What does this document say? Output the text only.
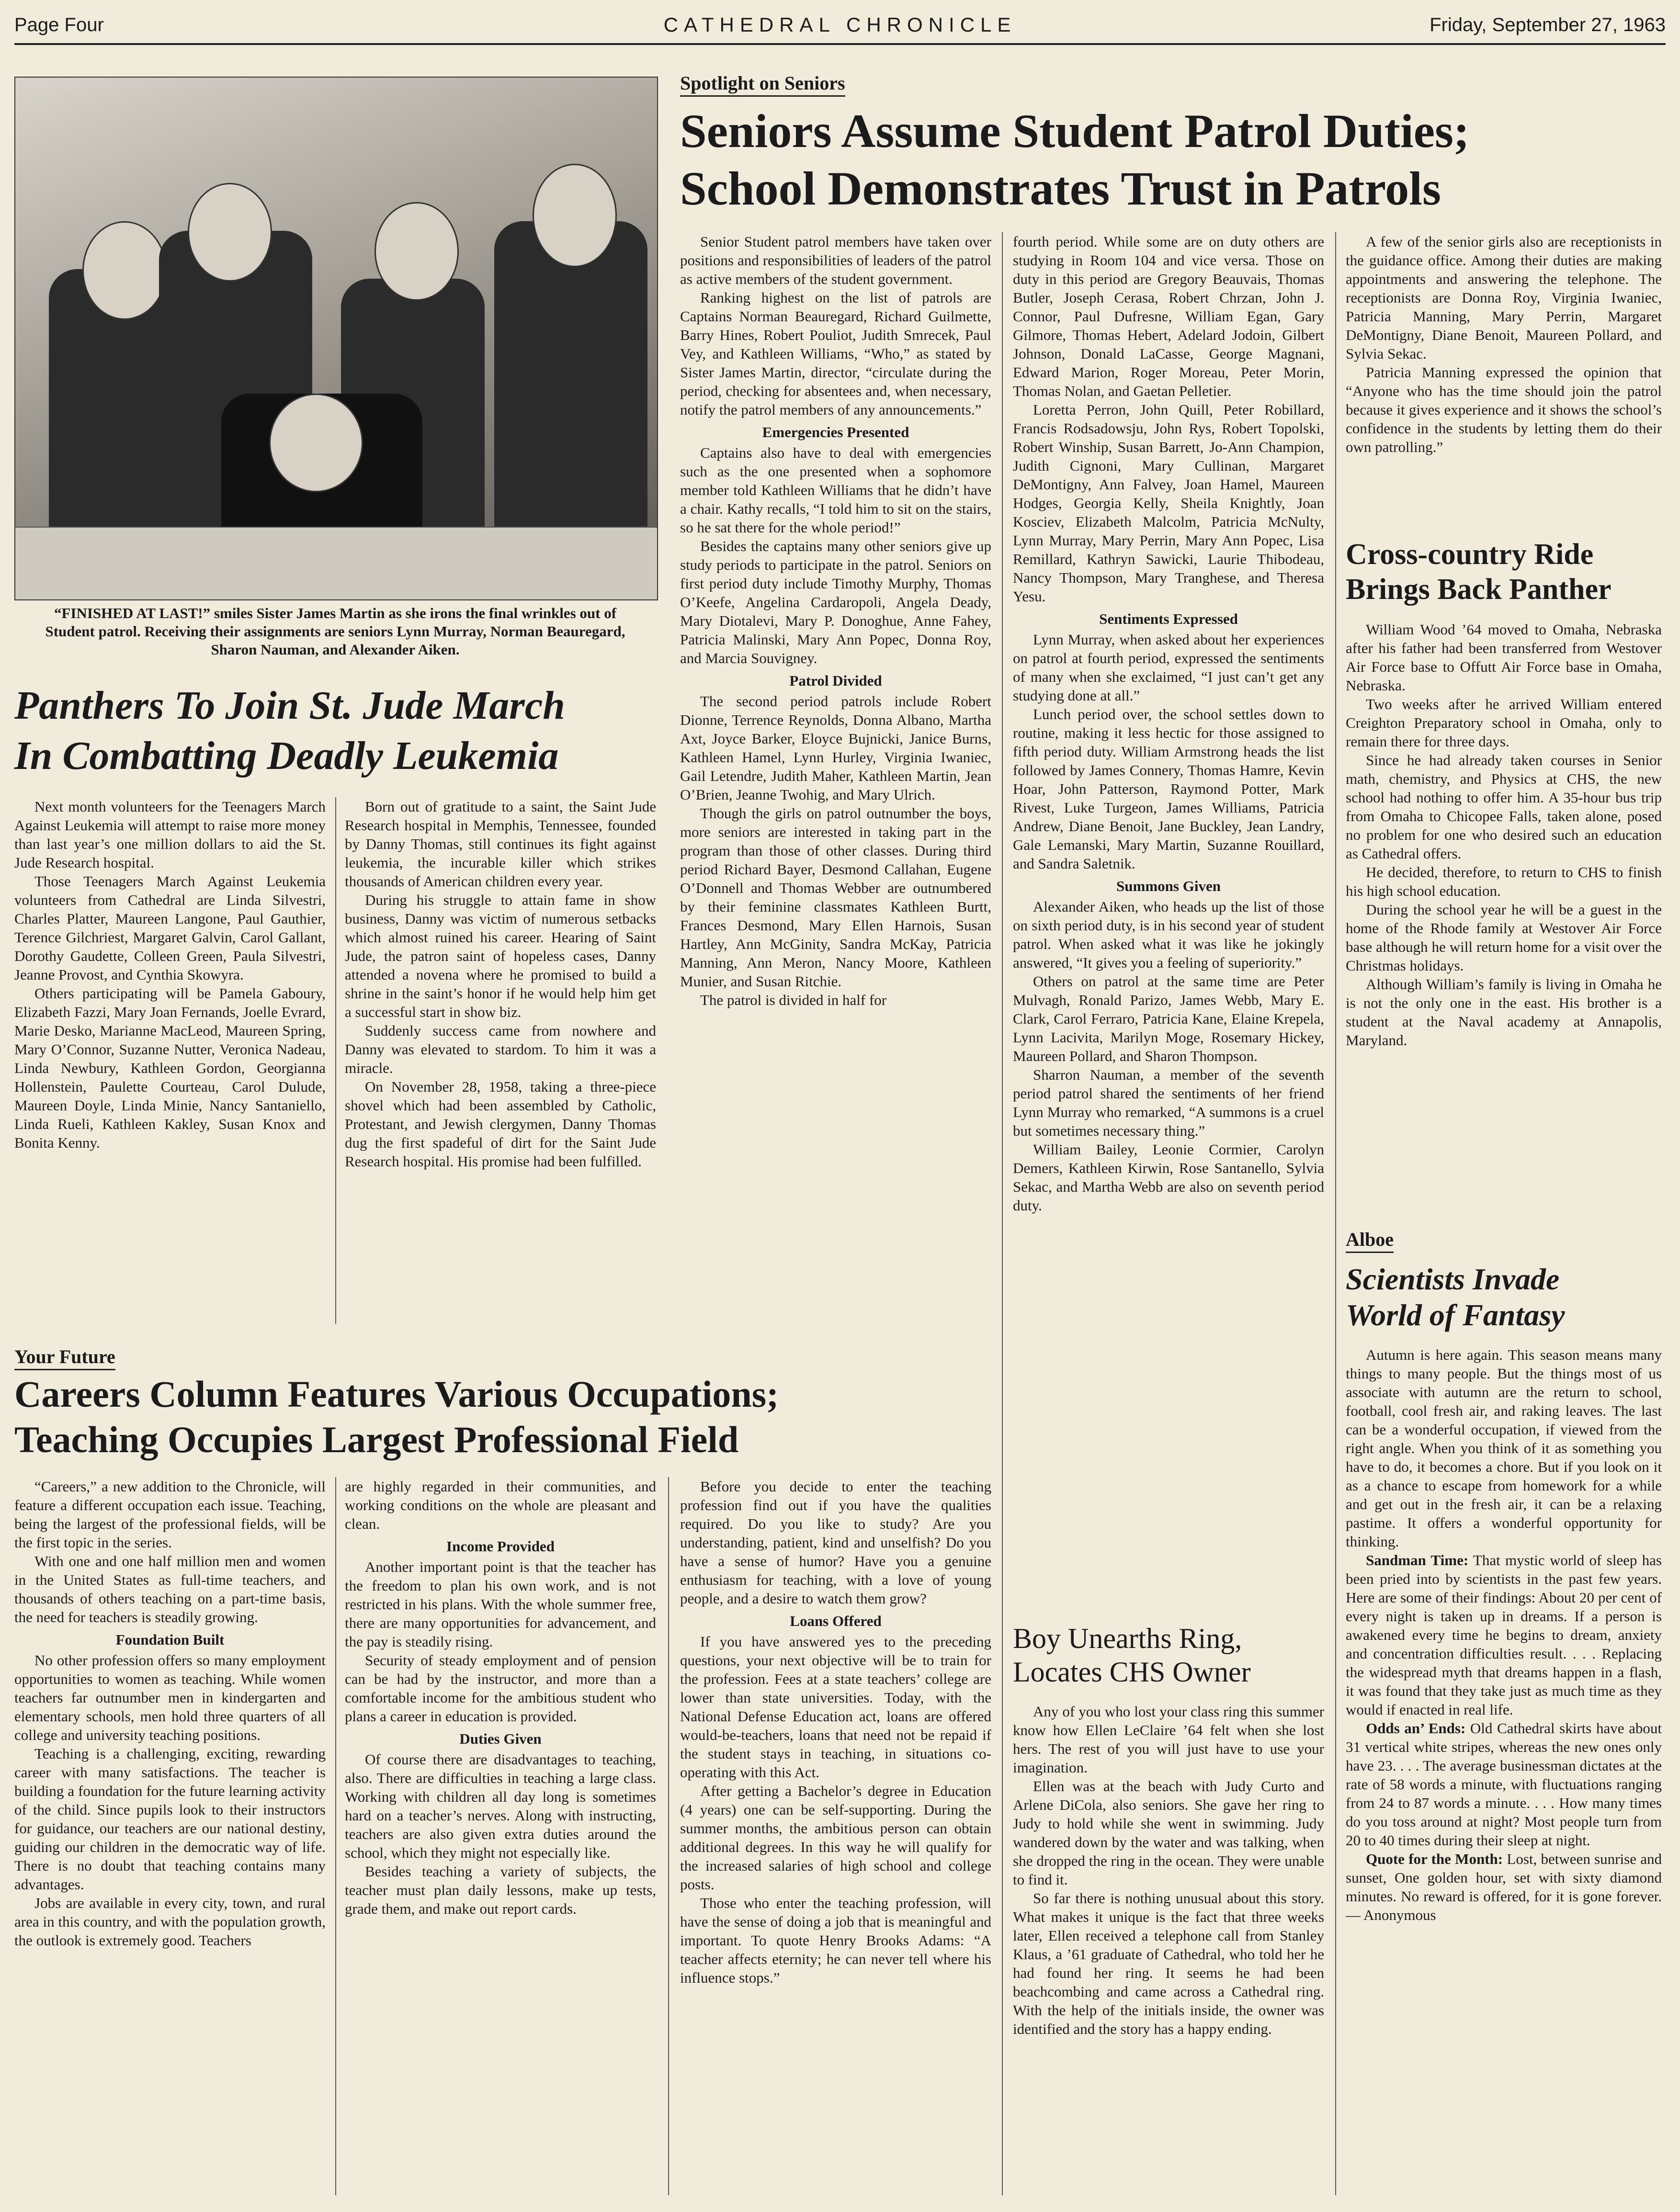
Page Four	CATHEDRAL CHRONICLE	Friday, September 27, 1963
“FINISHED AT LAST!” smiles Sister James Martin as she irons the final wrinkles out of Student patrol. Receiving their assignments are seniors Lynn Murray, Norman Beauregard, Sharon Nauman, and Alexander Aiken.
Panthers To Join St. Jude March
In Combatting Deadly Leukemia

Next month volunteers for the Teenagers March Against Leukemia will attempt to raise more money than last year’s one million dollars to aid the St. Jude Research hospital.

Those Teenagers March Against Leukemia volunteers from Cathedral are Linda Silvestri, Charles Platter, Maureen Langone, Paul Gauthier, Terence Gilchriest, Margaret Galvin, Carol Gallant, Dorothy Gaudette, Colleen Green, Paula Silvestri, Jeanne Provost, and Cynthia Skowyra.

Others participating will be Pamela Gaboury, Elizabeth Fazzi, Mary Joan Fernands, Joelle Evrard, Marie Desko, Marianne MacLeod, Maureen Spring, Mary O’Connor, Suzanne Nutter, Veronica Nadeau, Linda Newbury, Kathleen Gordon, Georgianna Hollenstein, Paulette Courteau, Carol Dulude, Maureen Doyle, Linda Minie, Nancy Santaniello, Linda Rueli, Kathleen Kakley, Susan Knox and Bonita Kenny.

Born out of gratitude to a saint, the Saint Jude Research hospital in Memphis, Tennessee, founded by Danny Thomas, still continues its fight against leukemia, the incurable killer which strikes thousands of American children every year.

During his struggle to attain fame in show business, Danny was victim of numerous setbacks which almost ruined his career. Hearing of Saint Jude, the patron saint of hopeless cases, Danny attended a novena where he promised to build a shrine in the saint’s honor if he would help him get a successful start in show biz.

Suddenly success came from nowhere and Danny was elevated to stardom. To him it was a miracle.

On November 28, 1958, taking a three-piece shovel which had been assembled by Catholic, Protestant, and Jewish clergymen, Danny Thomas dug the first spadeful of dirt for the Saint Jude Research hospital. His promise had been fulfilled.

Your Future
Careers Column Features Various Occupations;
Teaching Occupies Largest Professional Field

“Careers,” a new addition to the Chronicle, will feature a different occupation each issue. Teaching, being the largest of the professional fields, will be the first topic in the series.

With one and one half million men and women in the United States as full-time teachers, and thousands of others teaching on a part-time basis, the need for teachers is steadily growing.

Foundation Built

No other profession offers so many employment opportunities to women as teaching. While women teachers far outnumber men in kindergarten and elementary schools, men hold three quarters of all college and university teaching positions.

Teaching is a challenging, exciting, rewarding career with many satisfactions. The teacher is building a foundation for the future learning activity of the child. Since pupils look to their instructors for guidance, our teachers are our national destiny, guiding our children in the democratic way of life. There is no doubt that teaching contains many advantages.

Jobs are available in every city, town, and rural area in this country, and with the population growth, the outlook is extremely good. Teachers

are highly regarded in their communities, and working conditions on the whole are pleasant and clean.

Income Provided

Another important point is that the teacher has the freedom to plan his own work, and is not restricted in his plans. With the whole summer free, there are many opportunities for advancement, and the pay is steadily rising.

Security of steady employment and of pension can be had by the instructor, and more than a comfortable income for the ambitious student who plans a career in education is provided.

Duties Given

Of course there are disadvantages to teaching, also. There are difficulties in teaching a large class. Working with children all day long is sometimes hard on a teacher’s nerves. Along with instructing, teachers are also given extra duties around the school, which they might not especially like.

Besides teaching a variety of subjects, the teacher must plan daily lessons, make up tests, grade them, and make out report cards.

Before you decide to enter the teaching profession find out if you have the qualities required. Do you like to study? Are you understanding, patient, kind and unselfish? Do you have a sense of humor? Have you a genuine enthusiasm for teaching, with a love of young people, and a desire to watch them grow?

Loans Offered

If you have answered yes to the preceding questions, your next objective will be to train for the profession. Fees at a state teachers’ college are lower than state universities. Today, with the National Defense Education act, loans are offered would-be-teachers, loans that need not be repaid if the student stays in teaching, in situations co-operating with this Act.

After getting a Bachelor’s degree in Education (4 years) one can be self-supporting. During the summer months, the ambitious person can obtain additional degrees. In this way he will qualify for the increased salaries of high school and college posts.

Those who enter the teaching profession, will have the sense of doing a job that is meaningful and important. To quote Henry Brooks Adams: “A teacher affects eternity; he can never tell where his influence stops.”

Spotlight on Seniors
Seniors Assume Student Patrol Duties;
School Demonstrates Trust in Patrols

Senior Student patrol members have taken over positions and responsibilities of leaders of the patrol as active members of the student government.

Ranking highest on the list of patrols are Captains Norman Beauregard, Richard Guilmette, Barry Hines, Robert Pouliot, Judith Smrecek, Paul Vey, and Kathleen Williams, “Who,” as stated by Sister James Martin, director, “circulate during the period, checking for absentees and, when necessary, notify the patrol members of any announcements.”

Emergencies Presented

Captains also have to deal with emergencies such as the one presented when a sophomore member told Kathleen Williams that he didn’t have a chair. Kathy recalls, “I told him to sit on the stairs, so he sat there for the whole period!”

Besides the captains many other seniors give up study periods to participate in the patrol. Seniors on first period duty include Timothy Murphy, Thomas O’Keefe, Angelina Cardaropoli, Angela Deady, Mary Diotalevi, Mary P. Donoghue, Anne Fahey, Patricia Malinski, Mary Ann Popec, Donna Roy, and Marcia Souvigney.

Patrol Divided

The second period patrols include Robert Dionne, Terrence Reynolds, Donna Albano, Martha Axt, Joyce Barker, Eloyce Bujnicki, Janice Burns, Kathleen Hamel, Lynn Hurley, Virginia Iwaniec, Gail Letendre, Judith Maher, Kathleen Martin, Jean O’Brien, Jeanne Twohig, and Mary Ulrich.

Though the girls on patrol outnumber the boys, more seniors are interested in taking part in the program than those of other classes. During third period Richard Bayer, Desmond Callahan, Eugene O’Donnell and Thomas Webber are outnumbered by their feminine classmates Kathleen Burtt, Frances Desmond, Mary Ellen Harnois, Susan Hartley, Ann McGinity, Sandra McKay, Patricia Manning, Ann Meron, Nancy Moore, Kathleen Munier, and Susan Ritchie.

The patrol is divided in half for

fourth period. While some are on duty others are studying in Room 104 and vice versa. Those on duty in this period are Gregory Beauvais, Thomas Butler, Joseph Cerasa, Robert Chrzan, John J. Connor, Paul Dufresne, William Egan, Gary Gilmore, Thomas Hebert, Adelard Jodoin, Gilbert Johnson, Donald LaCasse, George Magnani, Edward Marion, Roger Moreau, Peter Morin, Thomas Nolan, and Gaetan Pelletier.

Loretta Perron, John Quill, Peter Robillard, Francis Rodsadowsju, John Rys, Robert Topolski, Robert Winship, Susan Barrett, Jo-Ann Champion, Judith Cignoni, Mary Cullinan, Margaret DeMontigny, Ann Falvey, Joan Hamel, Maureen Hodges, Georgia Kelly, Sheila Knightly, Joan Kosciev, Elizabeth Malcolm, Patricia McNulty, Lynn Murray, Mary Perrin, Mary Ann Popec, Lisa Remillard, Kathryn Sawicki, Laurie Thibodeau, Nancy Thompson, Mary Tranghese, and Theresa Yesu.

Sentiments Expressed

Lynn Murray, when asked about her experiences on patrol at fourth period, expressed the sentiments of many when she exclaimed, “I just can’t get any studying done at all.”

Lunch period over, the school settles down to routine, making it less hectic for those assigned to fifth period duty. William Armstrong heads the list followed by James Connery, Thomas Hamre, Kevin Hoar, John Patterson, Raymond Potter, Mark Rivest, Luke Turgeon, James Williams, Patricia Andrew, Diane Benoit, Jane Buckley, Jean Landry, Gale Lemanski, Mary Martin, Suzanne Rouillard, and Sandra Saletnik.

Summons Given

Alexander Aiken, who heads up the list of those on sixth period duty, is in his second year of student patrol. When asked what it was like he jokingly answered, “It gives you a feeling of superiority.”

Others on patrol at the same time are Peter Mulvagh, Ronald Parizo, James Webb, Mary E. Clark, Carol Ferraro, Patricia Kane, Elaine Krepela, Lynn Lacivita, Marilyn Moge, Rosemary Hickey, Maureen Pollard, and Sharon Thompson.

Sharron Nauman, a member of the seventh period patrol shared the sentiments of her friend Lynn Murray who remarked, “A summons is a cruel but sometimes necessary thing.”

William Bailey, Leonie Cormier, Carolyn Demers, Kathleen Kirwin, Rose Santanello, Sylvia Sekac, and Martha Webb are also on seventh period duty.

A few of the senior girls also are receptionists in the guidance office. Among their duties are making appointments and answering the telephone. The receptionists are Donna Roy, Virginia Iwaniec, Patricia Manning, Mary Perrin, Margaret DeMontigny, Diane Benoit, Maureen Pollard, and Sylvia Sekac.

Patricia Manning expressed the opinion that “Anyone who has the time should join the patrol because it gives experience and it shows the school’s confidence in the students by letting them do their own patrolling.”

Boy Unearths Ring,
Locates CHS Owner

Any of you who lost your class ring this summer know how Ellen LeClaire ’64 felt when she lost hers. The rest of you will just have to use your imagination.

Ellen was at the beach with Judy Curto and Arlene DiCola, also seniors. She gave her ring to Judy to hold while she went in swimming. Judy wandered down by the water and was talking, when she dropped the ring in the ocean. They were unable to find it.

So far there is nothing unusual about this story. What makes it unique is the fact that three weeks later, Ellen received a telephone call from Stanley Klaus, a ’61 graduate of Cathedral, who told her he had found her ring. It seems he had been beachcombing and came across a Cathedral ring. With the help of the initials inside, the owner was identified and the story has a happy ending.

Cross-country Ride
Brings Back Panther

William Wood ’64 moved to Omaha, Nebraska after his father had been transferred from Westover Air Force base to Offutt Air Force base in Omaha, Nebraska.

Two weeks after he arrived William entered Creighton Preparatory school in Omaha, only to remain there for three days.

Since he had already taken courses in Senior math, chemistry, and Physics at CHS, the new school had nothing to offer him. A 35-hour bus trip from Omaha to Chicopee Falls, taken alone, posed no problem for one who desired such an education as Cathedral offers.

He decided, therefore, to return to CHS to finish his high school education.

During the school year he will be a guest in the home of the Rhode family at Westover Air Force base although he will return home for a visit over the Christmas holidays.

Although William’s family is living in Omaha he is not the only one in the east. His brother is a student at the Naval academy at Annapolis, Maryland.

Alboe
Scientists Invade
World of Fantasy

Autumn is here again. This season means many things to many people. But the things most of us associate with autumn are the return to school, football, cool fresh air, and raking leaves. The last can be a wonderful occupation, if viewed from the right angle. When you think of it as something you have to do, it becomes a chore. But if you look on it as a chance to escape from homework for a while and get out in the fresh air, it can be a relaxing pastime. It offers a wonderful opportunity for thinking.

Sandman Time: That mystic world of sleep has been pried into by scientists in the past few years. Here are some of their findings: About 20 per cent of every night is taken up in dreams. If a person is awakened every time he begins to dream, anxiety and concentration difficulties result. . . . Replacing the widespread myth that dreams happen in a flash, it was found that they take just as much time as they would if enacted in real life.

Odds an’ Ends: Old Cathedral skirts have about 31 vertical white stripes, whereas the new ones only have 23. . . . The average businessman dictates at the rate of 58 words a minute, with fluctuations ranging from 24 to 87 words a minute. . . . How many times do you toss around at night? Most people turn from 20 to 40 times during their sleep at night.

Quote for the Month: Lost, between sunrise and sunset, One golden hour, set with sixty diamond minutes. No reward is offered, for it is gone forever. — Anonymous
